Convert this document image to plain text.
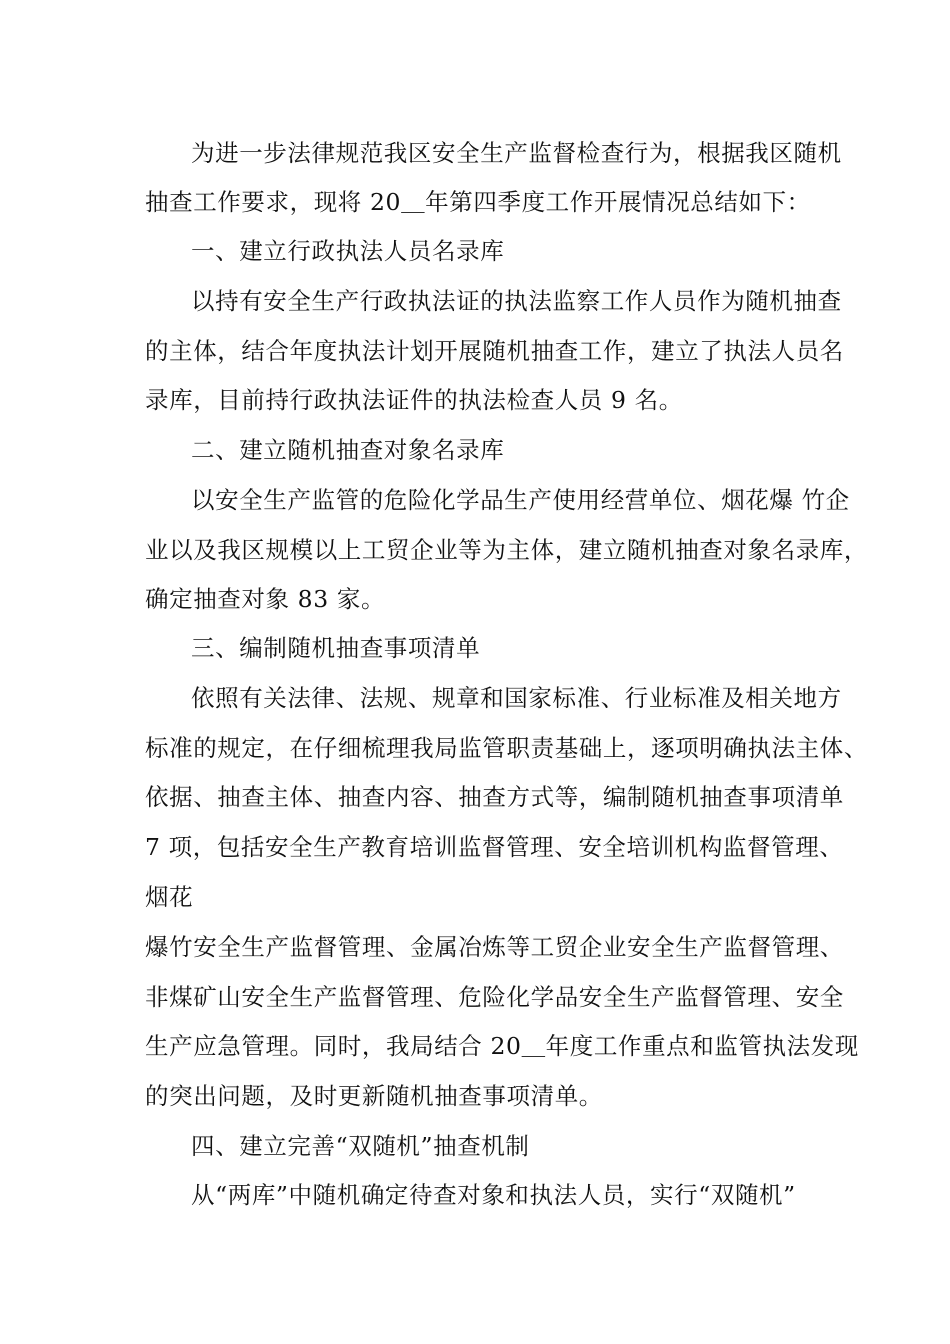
为进一步法律规范我区安全生产监督检查行为，根据我区随机
抽查工作要求，现将 20＿年第四季度工作开展情况总结如下：
一、建立行政执法人员名录库
以持有安全生产行政执法证的执法监察工作人员作为随机抽查
的主体，结合年度执法计划开展随机抽查工作，建立了执法人员名
录库，目前持行政执法证件的执法检查人员 9 名。
二、建立随机抽查对象名录库
以安全生产监管的危险化学品生产使用经营单位、烟花爆 竹企
业以及我区规模以上工贸企业等为主体，建立随机抽查对象名录库，
确定抽查对象 83 家。
三、编制随机抽查事项清单
依照有关法律、法规、规章和国家标准、行业标准及相关地方
标准的规定，在仔细梳理我局监管职责基础上，逐项明确执法主体、
依据、抽查主体、抽查内容、抽查方式等，编制随机抽查事项清单
7 项，包括安全生产教育培训监督管理、安全培训机构监督管理、
烟花
爆竹安全生产监督管理、金属冶炼等工贸企业安全生产监督管理、
非煤矿山安全生产监督管理、危险化学品安全生产监督管理、安全
生产应急管理。同时，我局结合 20＿年度工作重点和监管执法发现
的突出问题，及时更新随机抽查事项清单。
四、建立完善“双随机”抽查机制
从“两库”中随机确定待查对象和执法人员，实行“双随机”
